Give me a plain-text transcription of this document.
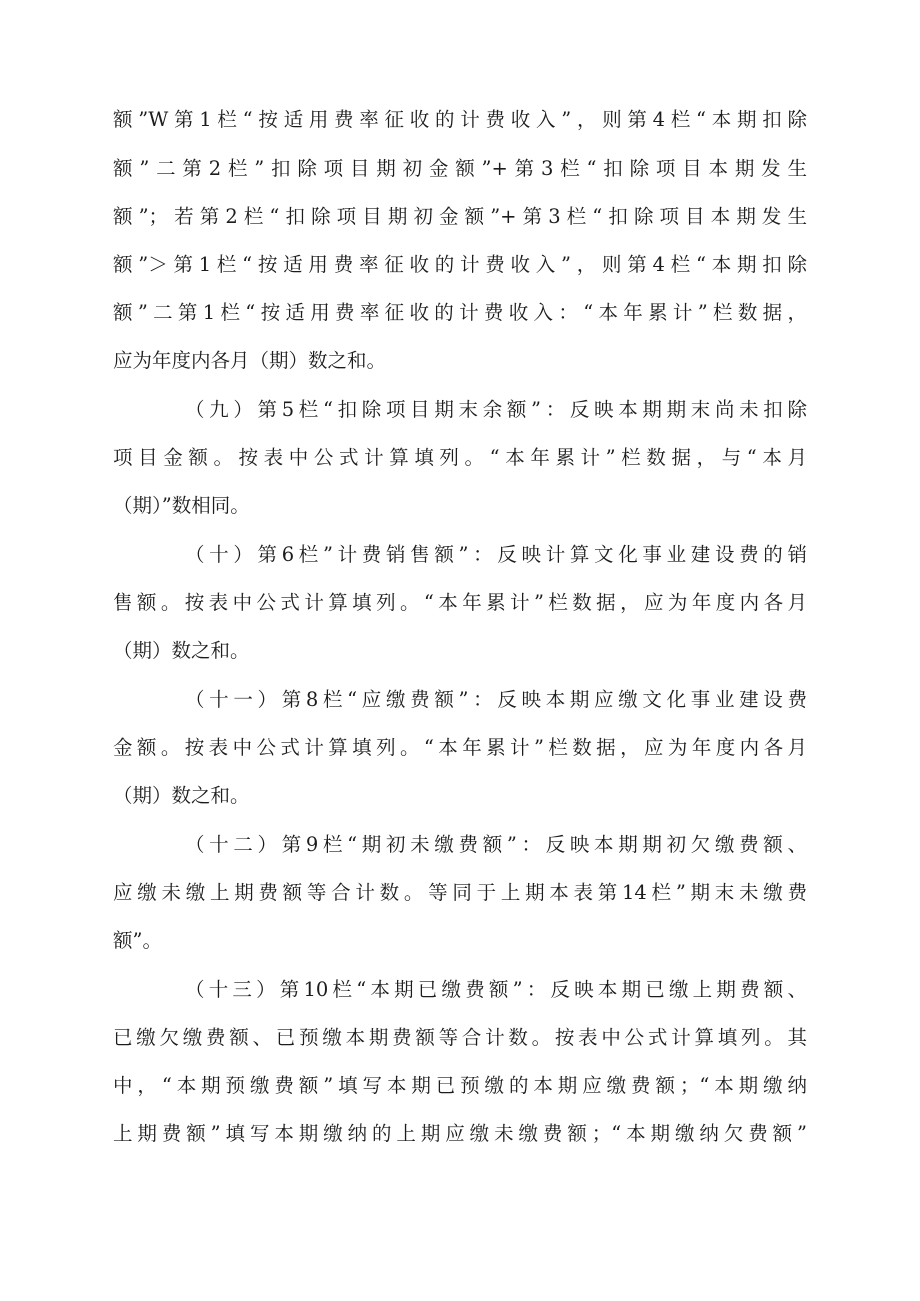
额”W第1栏“按适用费率征收的计费收入”，则第4栏“本期扣除
额”二第2栏”扣除项目期初金额”+第3栏“扣除项目本期发生
额”；若第2栏“扣除项目期初金额”+第3栏“扣除项目本期发生
额”＞第1栏“按适用费率征收的计费收入”，则第4栏“本期扣除
额”二第1栏“按适用费率征收的计费收入：“本年累计”栏数据，
应为年度内各月（期）数之和。
（九）第5栏“扣除项目期末余额”：反映本期期末尚未扣除
项目金额。按表中公式计算填列。“本年累计”栏数据，与“本月
（期）”数相同。
（十）第6栏”计费销售额”：反映计算文化事业建设费的销
售额。按表中公式计算填列。“本年累计”栏数据，应为年度内各月
（期）数之和。
（十一）第8栏“应缴费额”：反映本期应缴文化事业建设费
金额。按表中公式计算填列。“本年累计”栏数据，应为年度内各月
（期）数之和。
（十二）第9栏“期初未缴费额”：反映本期期初欠缴费额、
应缴未缴上期费额等合计数。等同于上期本表第14栏”期末未缴费
额”。
（十三）第10栏“本期已缴费额”：反映本期已缴上期费额、
已缴欠缴费额、已预缴本期费额等合计数。按表中公式计算填列。其
中，“本期预缴费额”填写本期已预缴的本期应缴费额；“本期缴纳
上期费额”填写本期缴纳的上期应缴未缴费额；“本期缴纳欠费额”
